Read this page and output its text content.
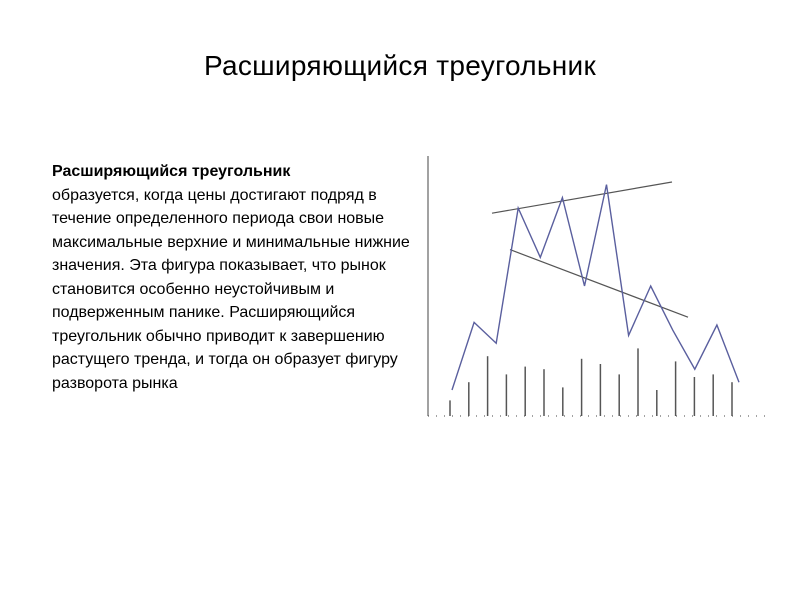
Расширяющийся треугольник

Расширяющийся треугольник
образуется, когда цены достигают подряд в течение определенного периода свои новые максимальные верхние и минимальные нижние значения. Эта фигура показывает, что рынок становится особенно неустойчивым и подверженным панике. Расширяющийся треугольник обычно приводит к завершению растущего тренда, и тогда он образует фигуру разворота рынка
